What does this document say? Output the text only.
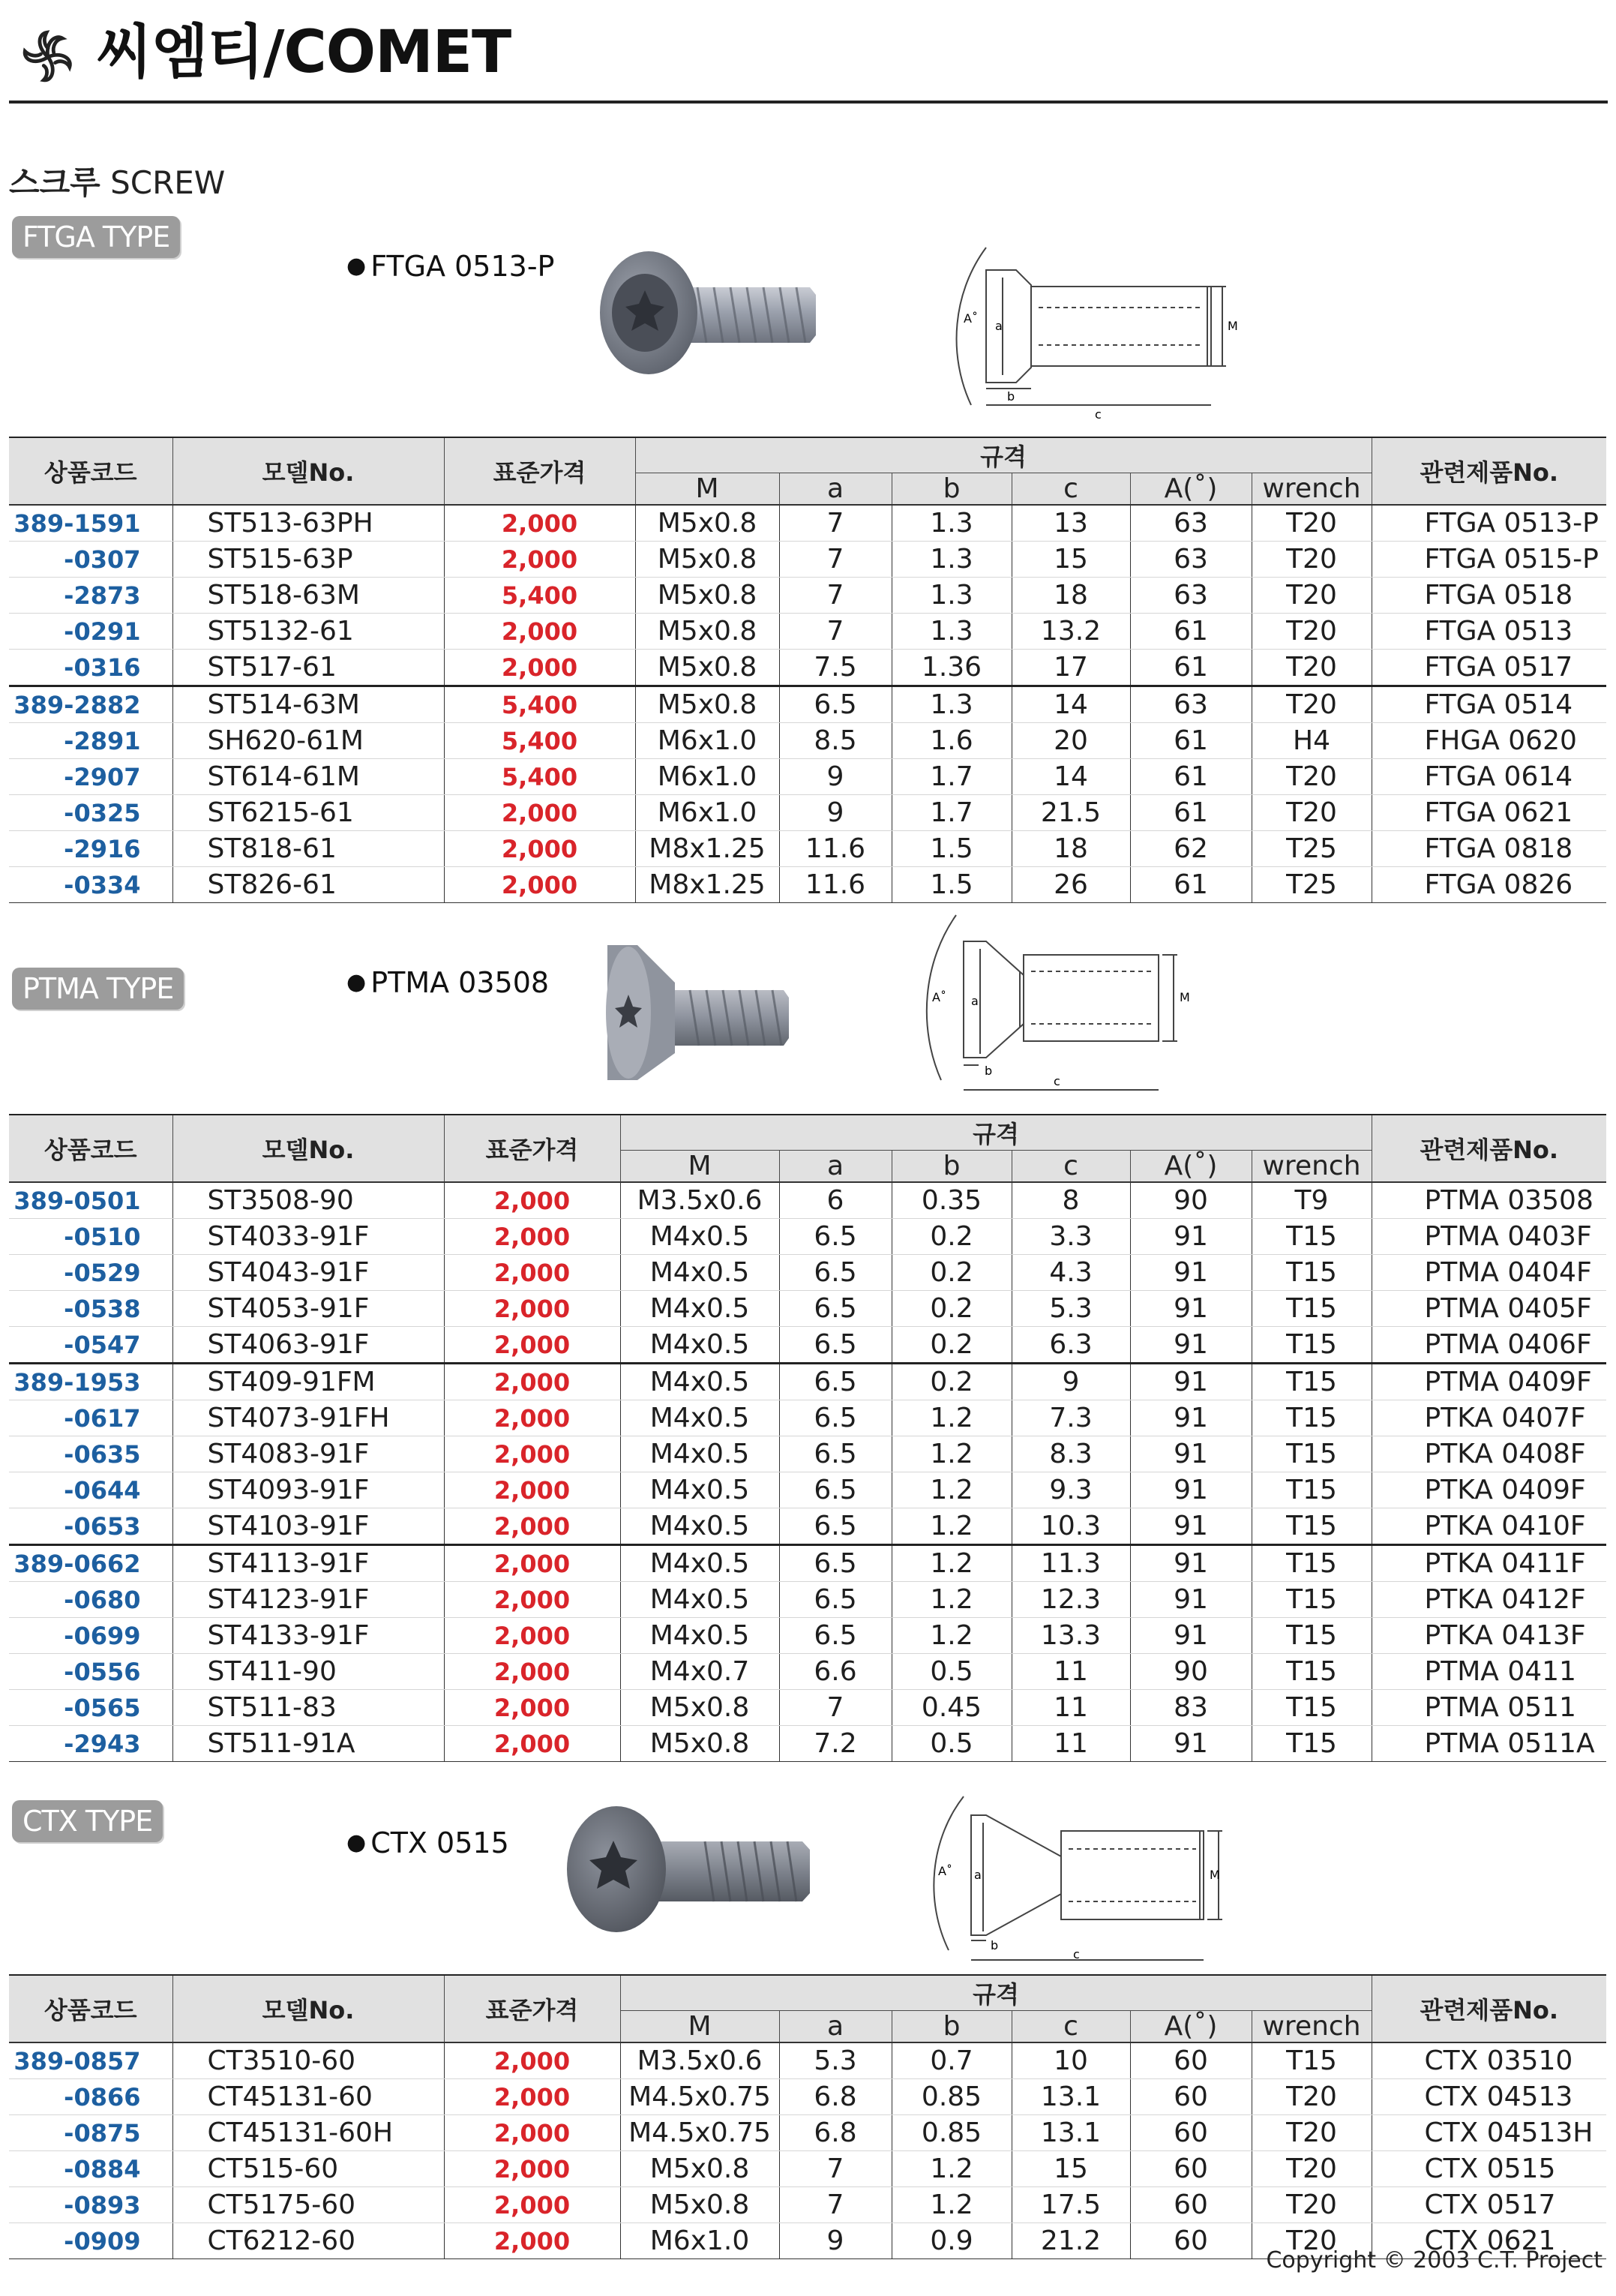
씨엠티/COMET
스크루 SCREW
FTGA TYPE
● FTGA 0513-P
A˚
a
b
c
M
상품코드	모델No.	표준가격	규격						관련제품No.
			M	a	b	c	A(˚)	wrench	
389-1591	ST513-63PH	2,000	M5x0.8	7	1.3	13	63	T20	FTGA 0513-P
-0307	ST515-63P	2,000	M5x0.8	7	1.3	15	63	T20	FTGA 0515-P
-2873	ST518-63M	5,400	M5x0.8	7	1.3	18	63	T20	FTGA 0518
-0291	ST5132-61	2,000	M5x0.8	7	1.3	13.2	61	T20	FTGA 0513
-0316	ST517-61	2,000	M5x0.8	7.5	1.36	17	61	T20	FTGA 0517
389-2882	ST514-63M	5,400	M5x0.8	6.5	1.3	14	63	T20	FTGA 0514
-2891	SH620-61M	5,400	M6x1.0	8.5	1.6	20	61	H4	FHGA 0620
-2907	ST614-61M	5,400	M6x1.0	9	1.7	14	61	T20	FTGA 0614
-0325	ST6215-61	2,000	M6x1.0	9	1.7	21.5	61	T20	FTGA 0621
-2916	ST818-61	2,000	M8x1.25	11.6	1.5	18	62	T25	FTGA 0818
-0334	ST826-61	2,000	M8x1.25	11.6	1.5	26	61	T25	FTGA 0826
PTMA TYPE	● PTMA 03508	A˚ a
b
c
M
상품코드	모델No.	표준가격	규격						관련제품No.
			M	a	b	c	A(˚)	wrench	
389-0501	ST3508-90	2,000	M3.5x0.6	6	0.35	8	90	T9	PTMA 03508
-0510	ST4033-91F	2,000	M4x0.5	6.5	0.2	3.3	91	T15	PTMA 0403F
-0529	ST4043-91F	2,000	M4x0.5	6.5	0.2	4.3	91	T15	PTMA 0404F
-0538	ST4053-91F	2,000	M4x0.5	6.5	0.2	5.3	91	T15	PTMA 0405F
-0547	ST4063-91F	2,000	M4x0.5	6.5	0.2	6.3	91	T15	PTMA 0406F
389-1953	ST409-91FM	2,000	M4x0.5	6.5	0.2	9	91	T15	PTMA 0409F
-0617	ST4073-91FH	2,000	M4x0.5	6.5	1.2	7.3	91	T15	PTKA 0407F
-0635	ST4083-91F	2,000	M4x0.5	6.5	1.2	8.3	91	T15	PTKA 0408F
-0644	ST4093-91F	2,000	M4x0.5	6.5	1.2	9.3	91	T15	PTKA 0409F
-0653	ST4103-91F	2,000	M4x0.5	6.5	1.2	10.3	91	T15	PTKA 0410F
389-0662	ST4113-91F	2,000	M4x0.5	6.5	1.2	11.3	91	T15	PTKA 0411F
-0680	ST4123-91F	2,000	M4x0.5	6.5	1.2	12.3	91	T15	PTKA 0412F
-0699	ST4133-91F	2,000	M4x0.5	6.5	1.2	13.3	91	T15	PTKA 0413F
-0556	ST411-90	2,000	M4x0.7	6.6	0.5	11	90	T15	PTMA 0411
-0565	ST511-83	2,000	M5x0.8	7	0.45	11	83	T15	PTMA 0511
-2943	ST511-91A	2,000	M5x0.8	7.2	0.5	11	91	T15	PTMA 0511A
CTX TYPE
● CTX 0515
A˚ a
b
c
M
상품코드	모델No.	표준가격	규격						관련제품No.
			M	a	b	c	A(˚)	wrench	
389-0857	CT3510-60	2,000	M3.5x0.6	5.3	0.7	10	60	T15	CTX 03510
-0866	CT45131-60	2,000	M4.5x0.75	6.8	0.85	13.1	60	T20	CTX 04513
-0875	CT45131-60H	2,000	M4.5x0.75	6.8	0.85	13.1	60	T20	CTX 04513H
-0884	CT515-60	2,000	M5x0.8	7	1.2	15	60	T20	CTX 0515
-0893	CT5175-60	2,000	M5x0.8	7	1.2	17.5	60	T20	CTX 0517
-0909	CT6212-60	2,000	M6x1.0	9	0.9	21.2	60	T20	CTX 0621
Copyright © 2003 C.T. Project
